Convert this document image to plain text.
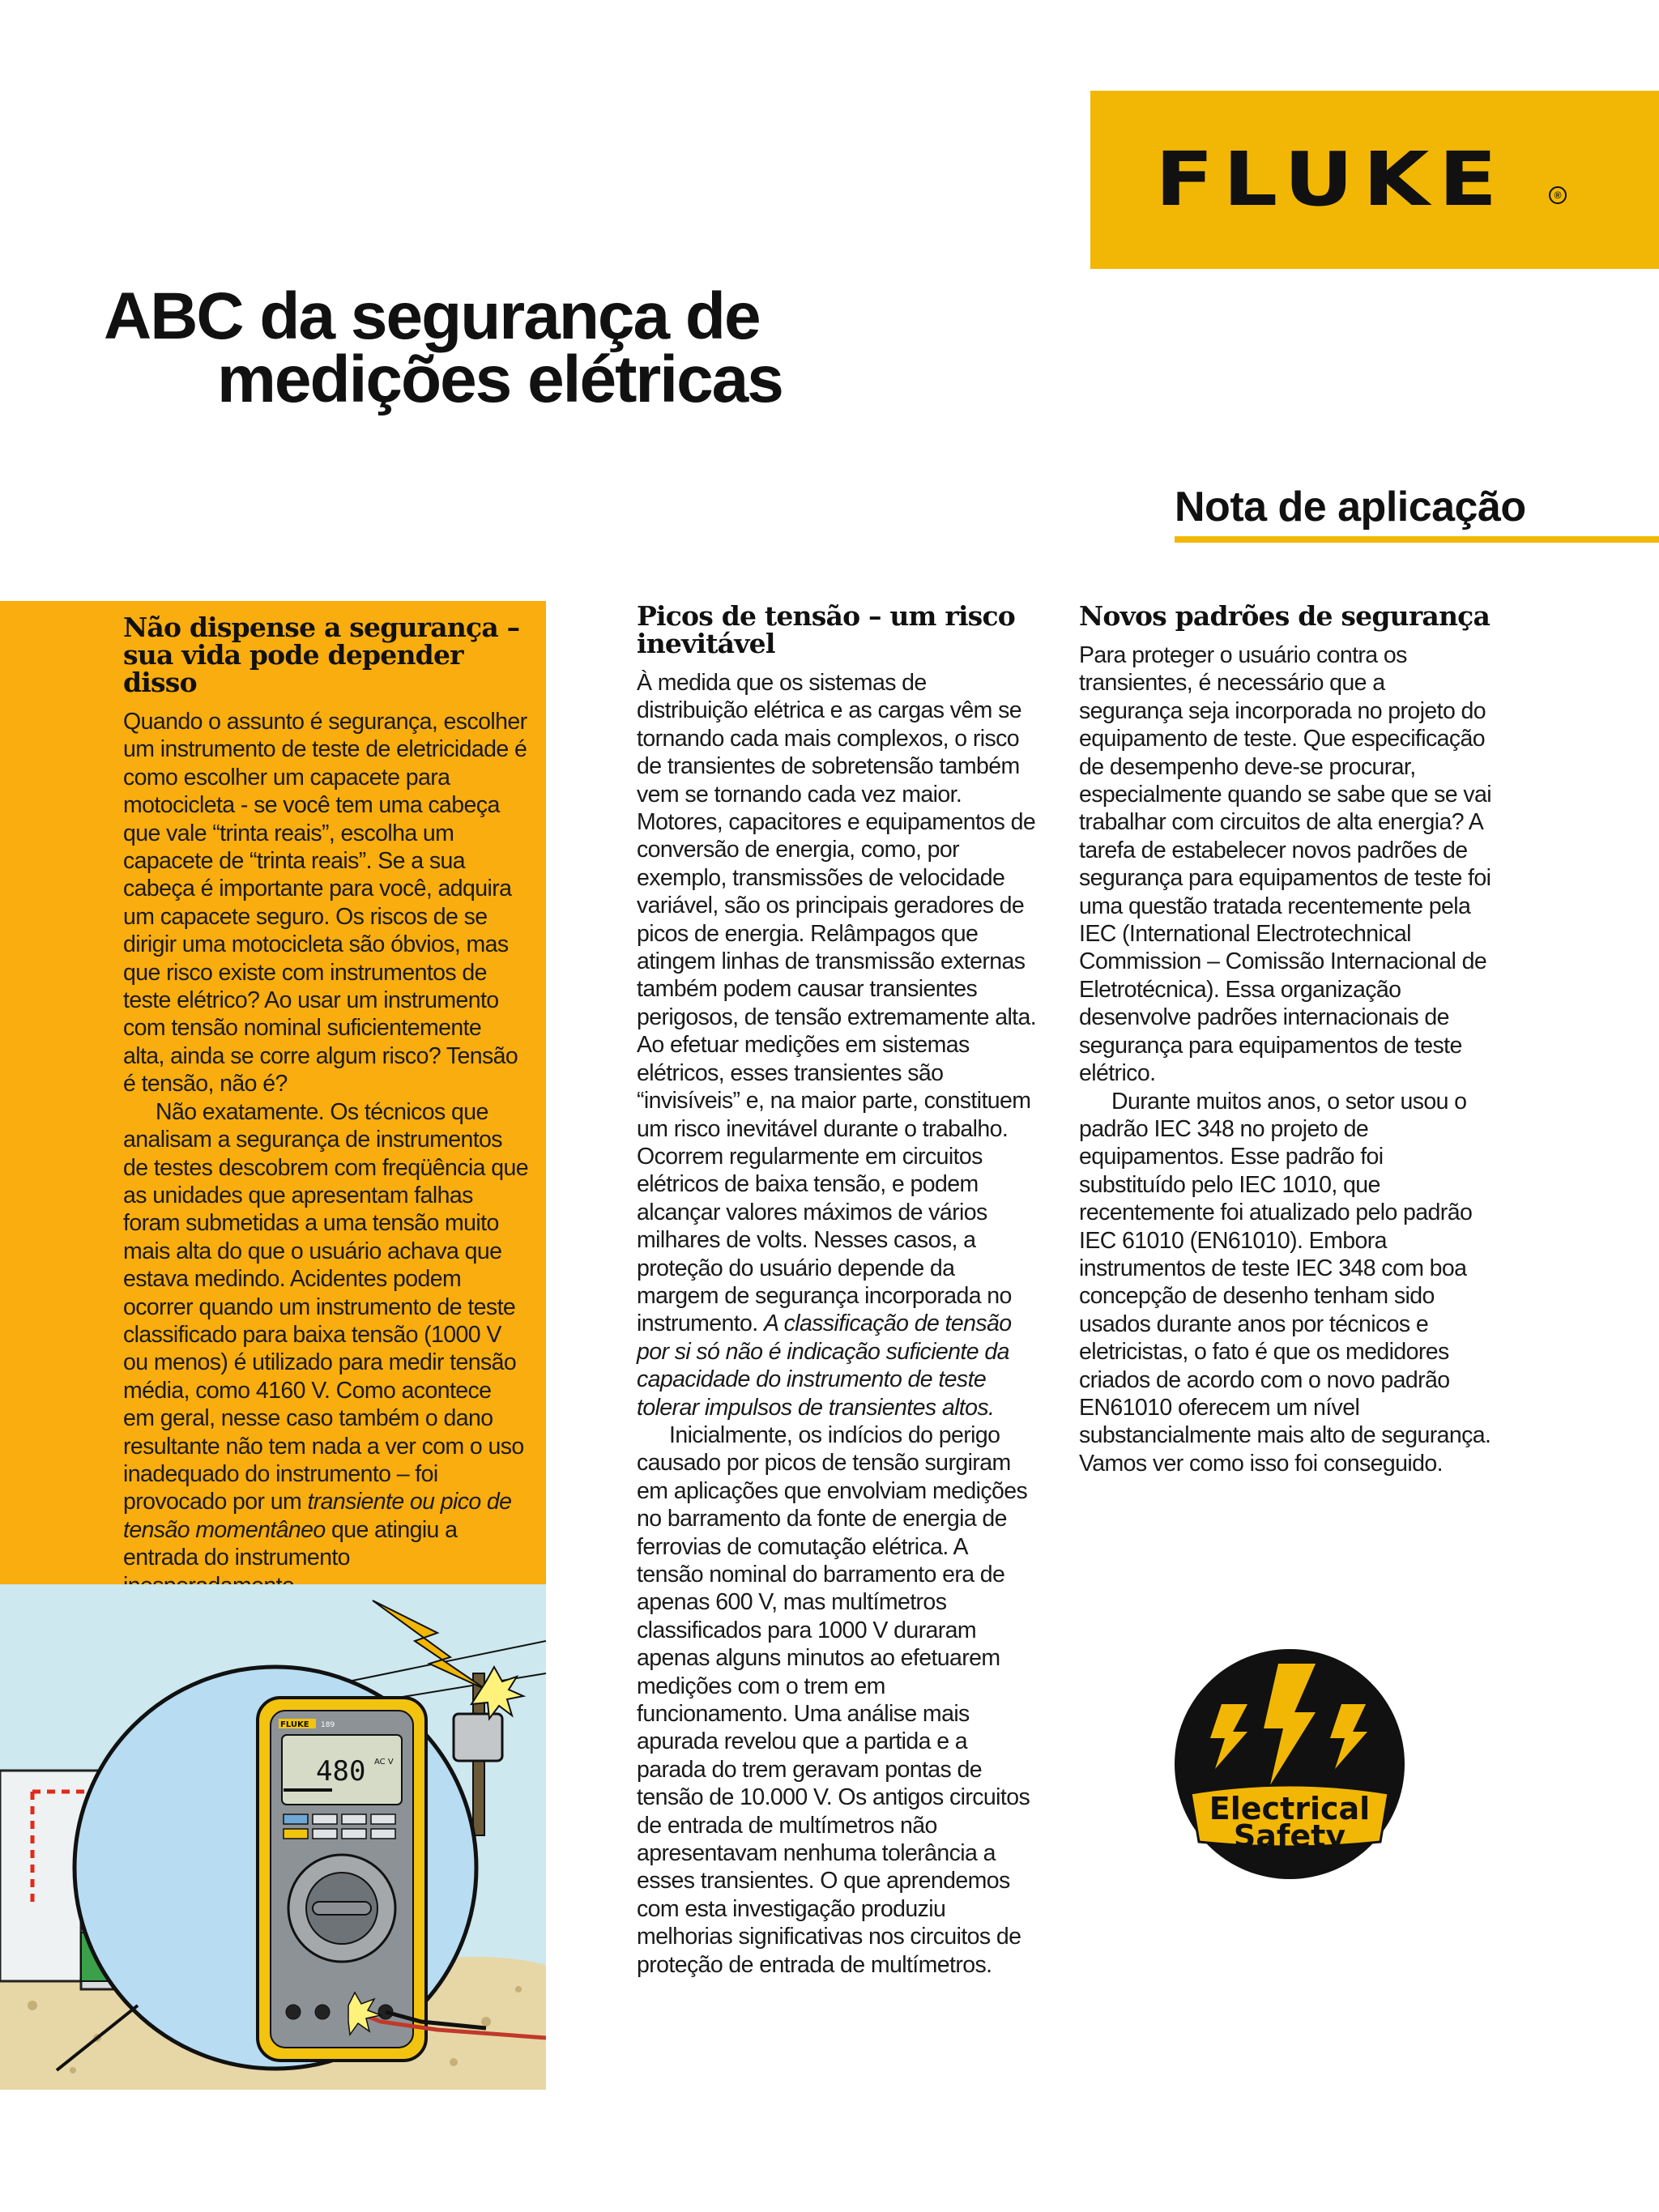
FLUKE	®
ABC da segurança de
medições elétricas
Nota de aplicação
Não dispense a segurança – sua vida pode depender disso

Quando o assunto é segurança, escolher um instrumento de teste de eletricidade é como escolher um capacete para motocicleta - se você tem uma cabeça que vale “trinta reais”, escolha um capacete de “trinta reais”. Se a sua cabeça é importante para você, adquira um capacete seguro. Os riscos de se dirigir uma motocicleta são óbvios, mas que risco existe com instrumentos de teste elétrico? Ao usar um instrumento com tensão nominal suficientemente alta, ainda se corre algum risco? Tensão é tensão, não é?

Não exatamente. Os técnicos que analisam a segurança de instrumentos de testes descobrem com freqüência que as unidades que apresentam falhas foram submetidas a uma tensão muito mais alta do que o usuário achava que estava medindo. Acidentes podem ocorrer quando um instrumento de teste classificado para baixa tensão (1000 V ou menos) é utilizado para medir tensão média, como 4160 V. Como acontece em geral, nesse caso também o dano resultante não tem nada a ver com o uso inadequado do instrumento – foi provocado por um transiente ou pico de tensão momentâneo que atingiu a entrada do instrumento

Picos de tensão – um risco inevitável

À medida que os sistemas de distribuição elétrica e as cargas vêm se tornando cada mais complexos, o risco de transientes de sobretensão também vem se tornando cada vez maior. Motores, capacitores e equipamentos de conversão de energia, como, por exemplo, transmissões de velocidade variável, são os principais geradores de picos de energia. Relâmpagos que atingem linhas de transmissão externas também podem causar transientes perigosos, de tensão extremamente alta. Ao efetuar medições em sistemas elétricos, esses transientes são “invisíveis” e, na maior parte, constituem um risco inevitável durante o trabalho. Ocorrem regularmente em circuitos elétricos de baixa tensão, e podem alcançar valores máximos de vários milhares de volts. Nesses casos, a proteção do usuário depende da margem de segurança incorporada no instrumento. A classificação de tensão por si só não é indicação suficiente da capacidade do instrumento de teste tolerar impulsos de transientes altos.

Inicialmente, os indícios do perigo causado por picos de tensão surgiram em aplicações que envolviam medições no barramento da fonte de energia de ferrovias de comutação elétrica. A tensão nominal do barramento era de apenas 600 V, mas multímetros classificados para 1000 V duraram apenas alguns minutos ao efetuarem medições com o trem em funcionamento. Uma análise mais apurada revelou que a partida e a parada do trem geravam pontas de tensão de 10.000 V. Os antigos circuitos de entrada de multímetros não apresentavam nenhuma tolerância a esses transientes. O que aprendemos com esta investigação produziu melhorias significativas nos circuitos de proteção de entrada de multímetros.

Novos padrões de segurança

Para proteger o usuário contra os transientes, é necessário que a segurança seja incorporada no projeto do equipamento de teste. Que especificação de desempenho deve-se procurar, especialmente quando se sabe que se vai trabalhar com circuitos de alta energia? A tarefa de estabelecer novos padrões de segurança para equipamentos de teste foi uma questão tratada recentemente pela IEC (International Electrotechnical Commission – Comissão Internacional de Eletrotécnica). Essa organização desenvolve padrões internacionais de segurança para equipamentos de teste elétrico.

Durante muitos anos, o setor usou o padrão IEC 348 no projeto de equipamentos. Esse padrão foi substituído pelo IEC 1010, que recentemente foi atualizado pelo padrão IEC 61010 (EN61010). Embora instrumentos de teste IEC 348 com boa concepção de desenho tenham sido usados durante anos por técnicos e eletricistas, o fato é que os medidores criados de acordo com o novo padrão EN61010 oferecem um nível substancialmente mais alto de segurança. Vamos ver como isso foi conseguido.

FLUKE 189
480 AC V
Electrical
Safety
